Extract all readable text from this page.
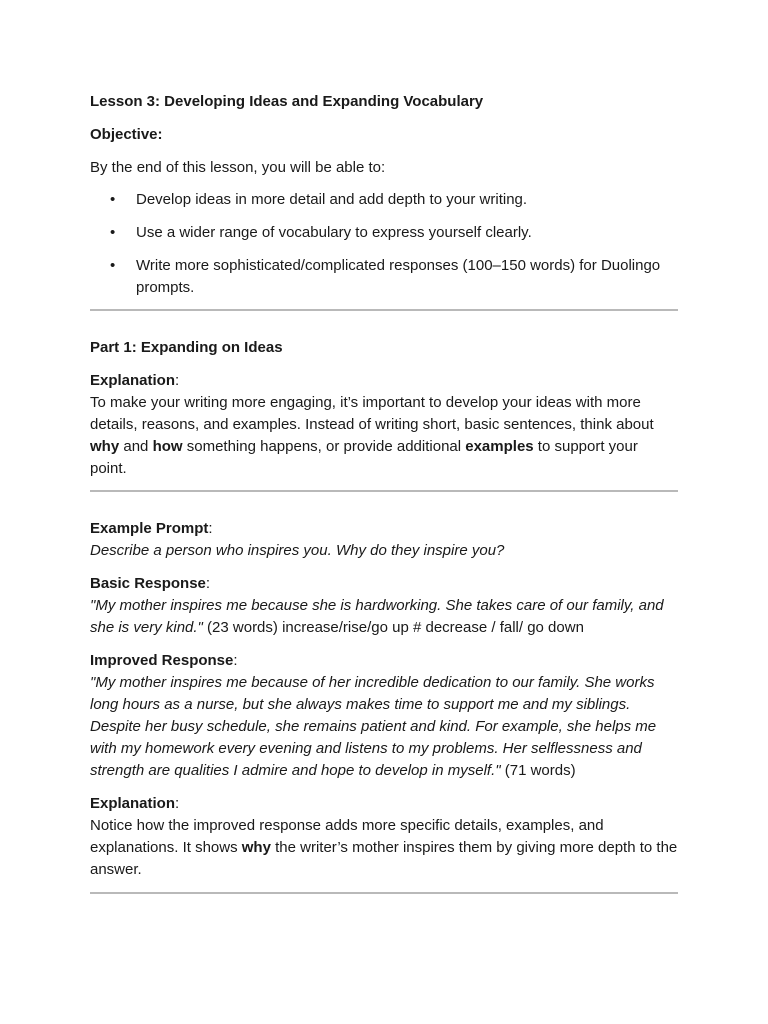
Lesson 3: Developing Ideas and Expanding Vocabulary

Objective:

By the end of this lesson, you will be able to:

• Develop ideas in more detail and add depth to your writing.
• Use a wider range of vocabulary to express yourself clearly.
• Write more sophisticated/complicated responses (100–150 words) for Duolingo prompts.

Part 1: Expanding on Ideas

Explanation:

To make your writing more engaging, it’s important to develop your ideas with more details, reasons, and examples. Instead of writing short, basic sentences, think about why and how something happens, or provide additional examples to support your point.

Example Prompt:

Describe a person who inspires you. Why do they inspire you?

Basic Response:

"My mother inspires me because she is hardworking. She takes care of our family, and she is very kind." (23 words) increase/rise/go up # decrease / fall/ go down

Improved Response:

"My mother inspires me because of her incredible dedication to our family. She works long hours as a nurse, but she always makes time to support me and my siblings. Despite her busy schedule, she remains patient and kind. For example, she helps me with my homework every evening and listens to my problems. Her selflessness and strength are qualities I admire and hope to develop in myself." (71 words)

Explanation:

Notice how the improved response adds more specific details, examples, and explanations. It shows why the writer’s mother inspires them by giving more depth to the answer.
